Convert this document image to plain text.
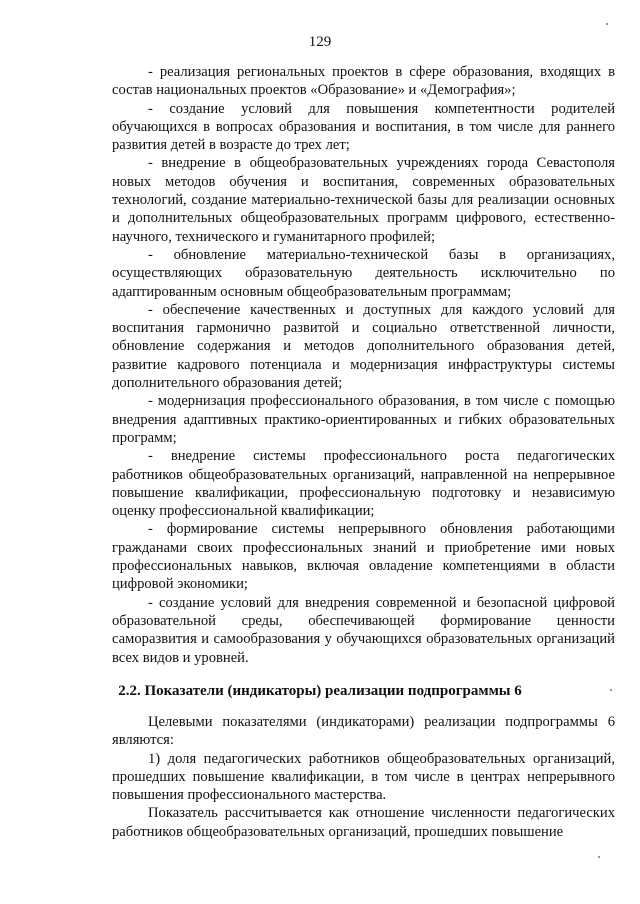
129

- реализация региональных проектов в сфере образования, входящих в состав национальных проектов «Образование» и «Демография»;

- создание условий для повышения компетентности родителей обучающихся в вопросах образования и воспитания, в том числе для раннего развития детей в возрасте до трех лет;

- внедрение в общеобразовательных учреждениях города Севастополя новых методов обучения и воспитания, современных образовательных технологий, создание материально-технической базы для реализации основных и дополнительных общеобразовательных программ цифрового, естественно-научного, технического и гуманитарного профилей;

- обновление материально-технической базы в организациях, осуществляющих образовательную деятельность исключительно по адаптированным основным общеобразовательным программам;

- обеспечение качественных и доступных для каждого условий для воспитания гармонично развитой и социально ответственной личности, обновление содержания и методов дополнительного образования детей, развитие кадрового потенциала и модернизация инфраструктуры системы дополнительного образования детей;

- модернизация профессионального образования, в том числе с помощью внедрения адаптивных практико-ориентированных и гибких образовательных программ;

- внедрение системы профессионального роста педагогических работников общеобразовательных организаций, направленной на непрерывное повышение квалификации, профессиональную подготовку и независимую оценку профессиональной квалификации;

- формирование системы непрерывного обновления работающими гражданами своих профессиональных знаний и приобретение ими новых профессиональных навыков, включая овладение компетенциями в области цифровой экономики;

- создание условий для внедрения современной и безопасной цифровой образовательной среды, обеспечивающей формирование ценности саморазвития и самообразования у обучающихся образовательных организаций всех видов и уровней.

2.2. Показатели (индикаторы) реализации подпрограммы 6

Целевыми показателями (индикаторами) реализации подпрограммы 6 являются:

1) доля педагогических работников общеобразовательных организаций, прошедших повышение квалификации, в том числе в центрах непрерывного повышения профессионального мастерства.

Показатель рассчитывается как отношение численности педагогических работников общеобразовательных организаций, прошедших повышение
